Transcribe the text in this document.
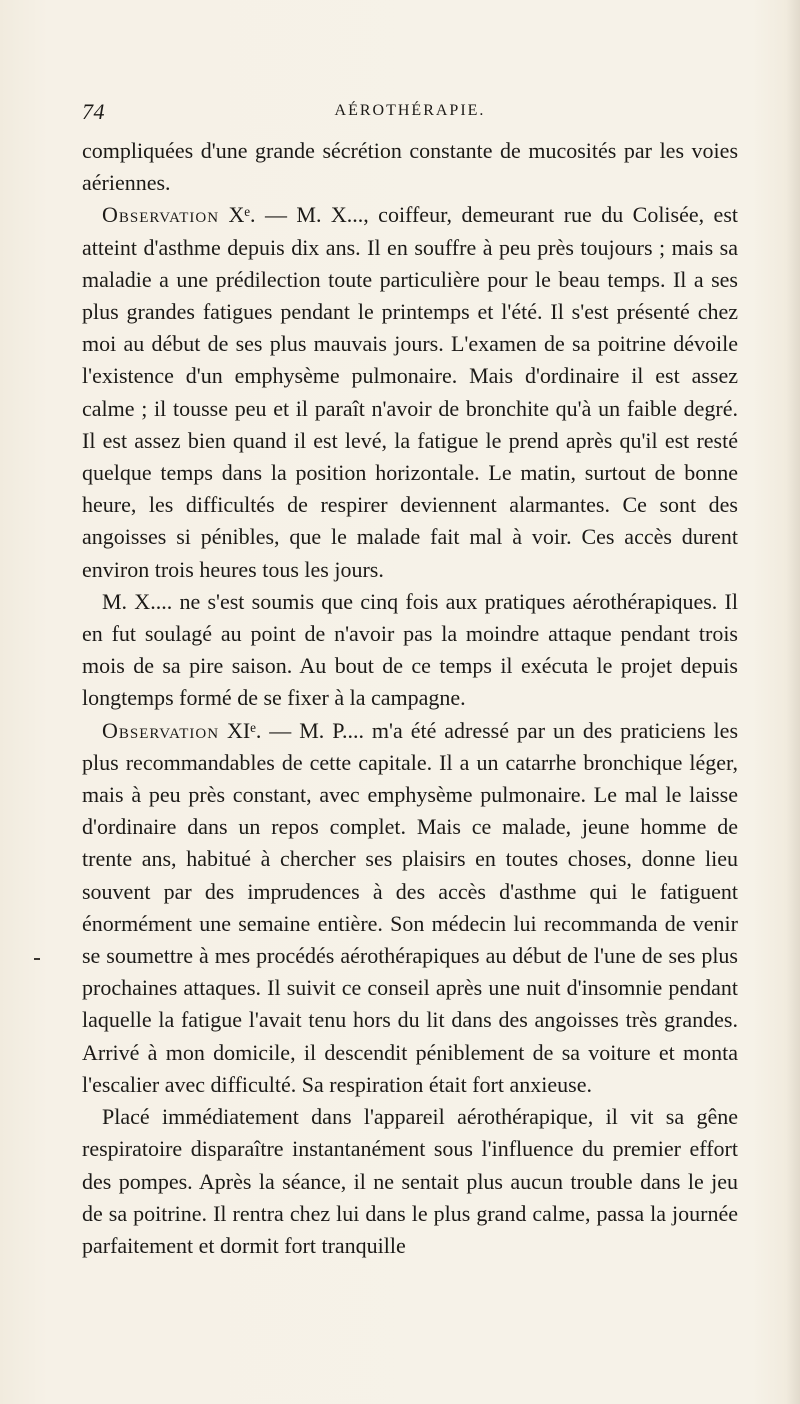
74	AÉROTHÉRAPIE.

compliquées d'une grande sécrétion constante de mucosités par les voies aériennes.

Observation Xᵉ. — M. X..., coiffeur, demeurant rue du Colisée, est atteint d'asthme depuis dix ans. Il en souffre à peu près toujours ; mais sa maladie a une prédilection toute particulière pour le beau temps. Il a ses plus grandes fatigues pendant le printemps et l'été. Il s'est présenté chez moi au début de ses plus mauvais jours. L'examen de sa poitrine dévoile l'existence d'un emphysème pulmonaire. Mais d'ordinaire il est assez calme ; il tousse peu et il paraît n'avoir de bronchite qu'à un faible degré. Il est assez bien quand il est levé, la fatigue le prend après qu'il est resté quelque temps dans la position horizontale. Le matin, surtout de bonne heure, les difficultés de respirer deviennent alarmantes. Ce sont des angoisses si pénibles, que le malade fait mal à voir. Ces accès durent environ trois heures tous les jours.

M. X.... ne s'est soumis que cinq fois aux pratiques aérothérapiques. Il en fut soulagé au point de n'avoir pas la moindre attaque pendant trois mois de sa pire saison. Au bout de ce temps il exécuta le projet depuis longtemps formé de se fixer à la campagne.

Observation XIᵉ. — M. P.... m'a été adressé par un des praticiens les plus recommandables de cette capitale. Il a un catarrhe bronchique léger, mais à peu près constant, avec emphysème pulmonaire. Le mal le laisse d'ordinaire dans un repos complet. Mais ce malade, jeune homme de trente ans, habitué à chercher ses plaisirs en toutes choses, donne lieu souvent par des imprudences à des accès d'asthme qui le fatiguent énormément une semaine entière. Son médecin lui recommanda de venir se soumettre à mes procédés aérothérapiques au début de l'une de ses plus prochaines attaques. Il suivit ce conseil après une nuit d'insomnie pendant laquelle la fatigue l'avait tenu hors du lit dans des angoisses très grandes. Arrivé à mon domicile, il descendit péniblement de sa voiture et monta l'escalier avec difficulté. Sa respiration était fort anxieuse.

Placé immédiatement dans l'appareil aérothérapique, il vit sa gêne respiratoire disparaître instantanément sous l'influence du premier effort des pompes. Après la séance, il ne sentait plus aucun trouble dans le jeu de sa poitrine. Il rentra chez lui dans le plus grand calme, passa la journée parfaitement et dormit fort tranquille
